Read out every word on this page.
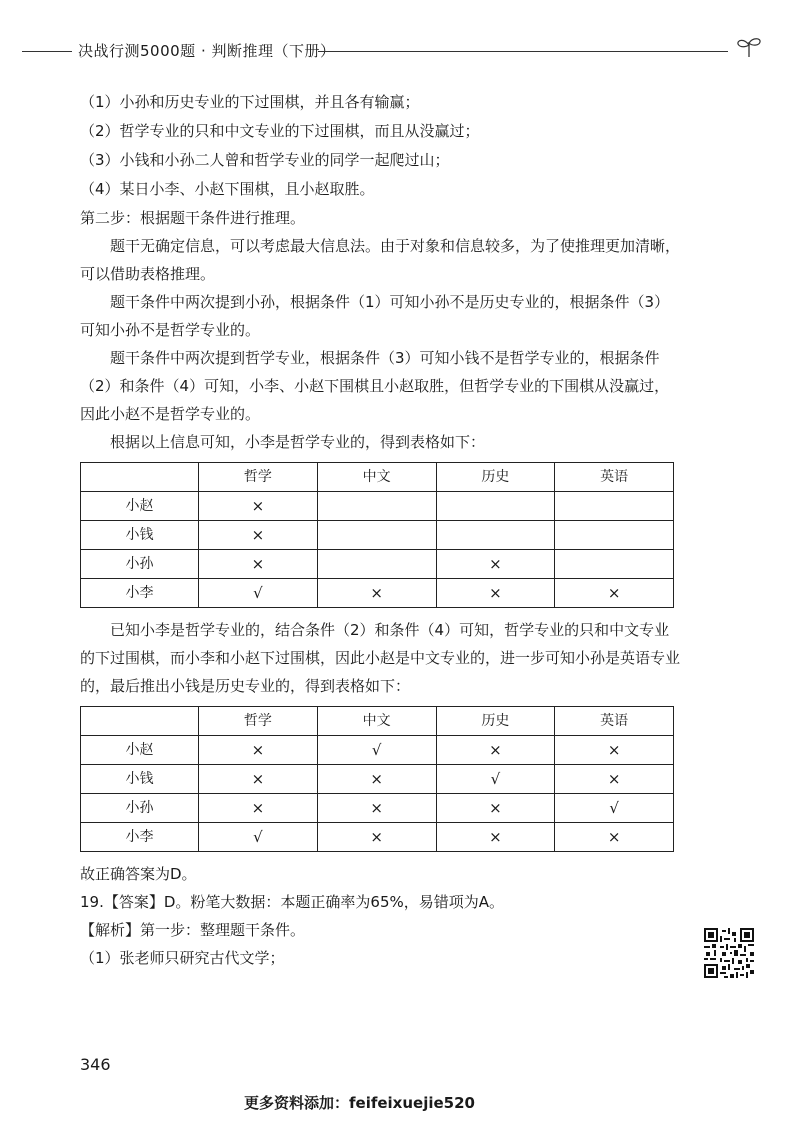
决战行测5000题 · 判断推理（下册）

（1）小孙和历史专业的下过围棋，并且各有输赢；

（2）哲学专业的只和中文专业的下过围棋，而且从没赢过；

（3）小钱和小孙二人曾和哲学专业的同学一起爬过山；

（4）某日小李、小赵下围棋，且小赵取胜。

第二步：根据题干条件进行推理。

题干无确定信息，可以考虑最大信息法。由于对象和信息较多，为了使推理更加清晰，可以借助表格推理。

题干条件中两次提到小孙，根据条件（1）可知小孙不是历史专业的，根据条件（3）可知小孙不是哲学专业的。

题干条件中两次提到哲学专业，根据条件（3）可知小钱不是哲学专业的，根据条件（2）和条件（4）可知，小李、小赵下围棋且小赵取胜，但哲学专业的下围棋从没赢过，因此小赵不是哲学专业的。

根据以上信息可知，小李是哲学专业的，得到表格如下：

	哲学	中文	历史	英语
小赵	×			
小钱	×			
小孙	×		×	
小李	√	×	×	×

已知小李是哲学专业的，结合条件（2）和条件（4）可知，哲学专业的只和中文专业的下过围棋，而小李和小赵下过围棋，因此小赵是中文专业的，进一步可知小孙是英语专业的，最后推出小钱是历史专业的，得到表格如下：

	哲学	中文	历史	英语
小赵	×	√	×	×
小钱	×	×	√	×
小孙	×	×	×	√
小李	√	×	×	×

故正确答案为D。

19.【答案】D。粉笔大数据：本题正确率为65%，易错项为A。

【解析】第一步：整理题干条件。

（1）张老师只研究古代文学；

346
更多资料添加：feifeixuejie520
